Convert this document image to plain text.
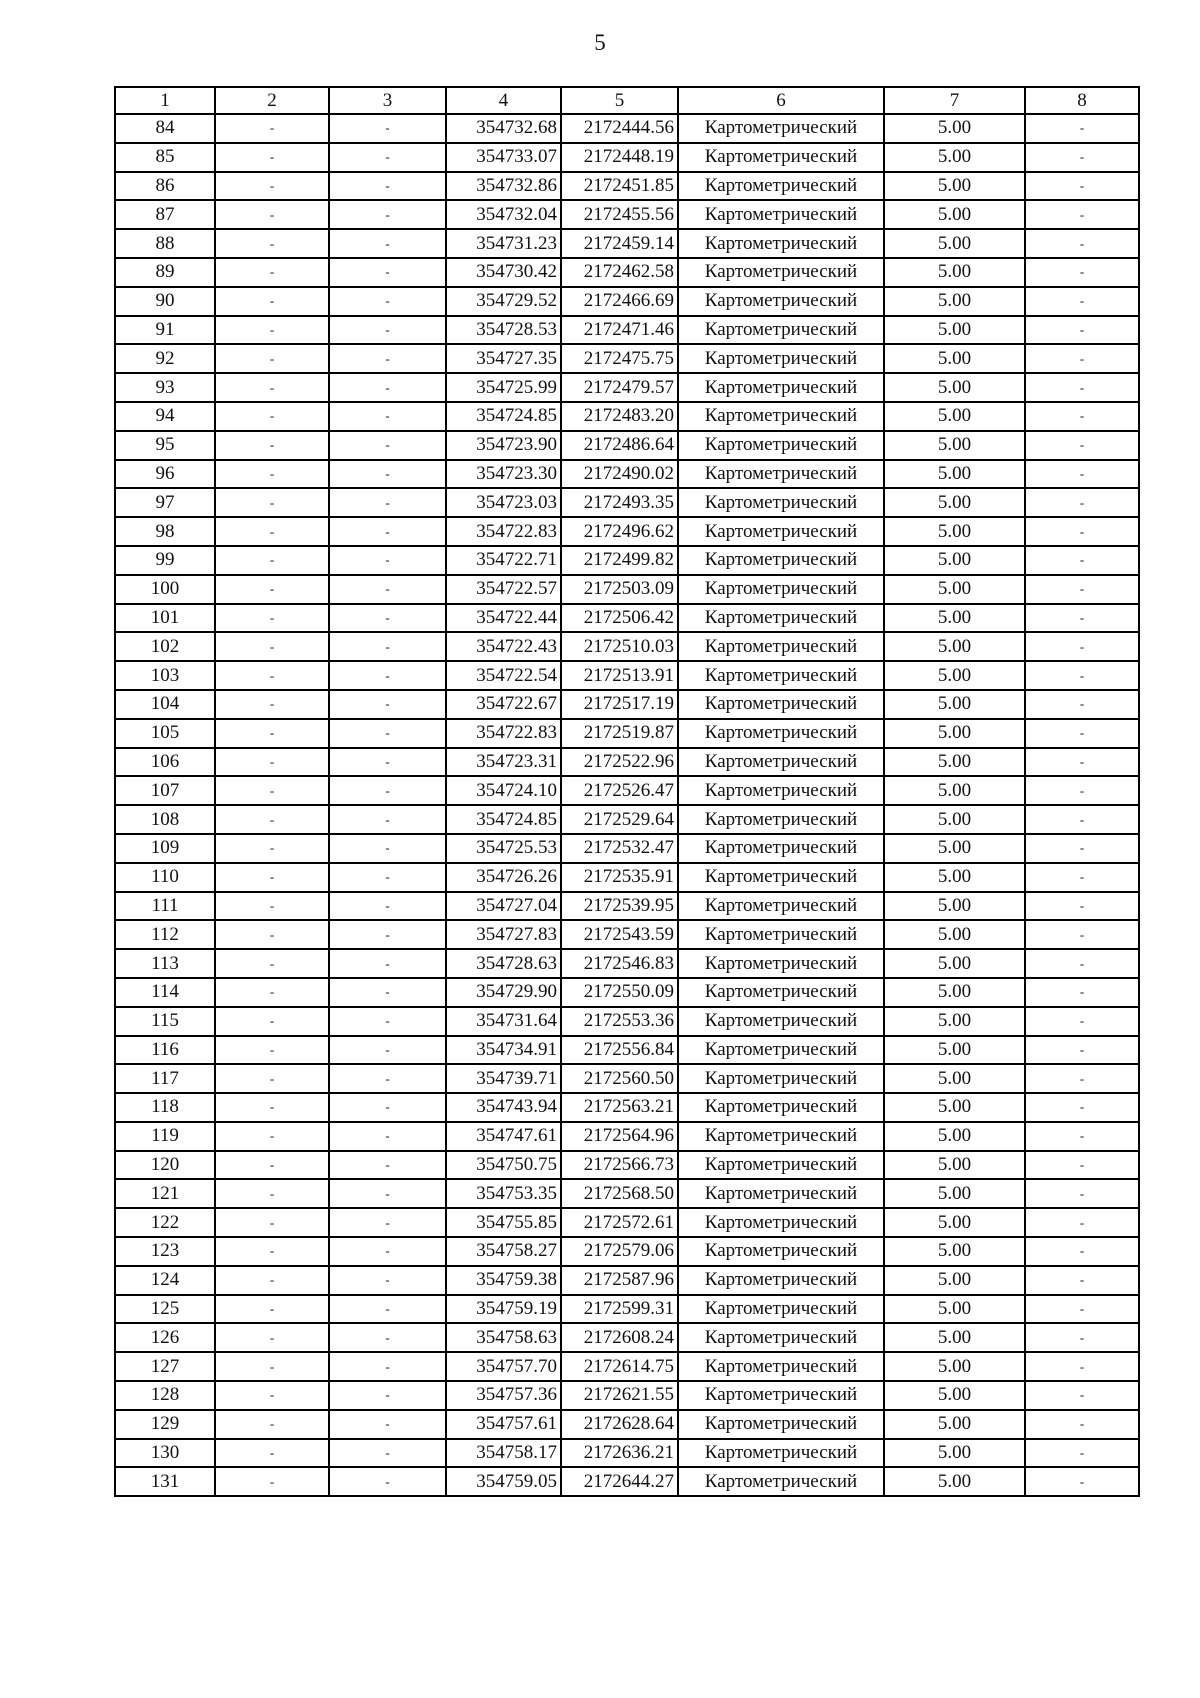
5
1	2	3	4	5	6	7	8
84	-	-	354732.68	2172444.56	Картометрический	5.00	-
85	-	-	354733.07	2172448.19	Картометрический	5.00	-
86	-	-	354732.86	2172451.85	Картометрический	5.00	-
87	-	-	354732.04	2172455.56	Картометрический	5.00	-
88	-	-	354731.23	2172459.14	Картометрический	5.00	-
89	-	-	354730.42	2172462.58	Картометрический	5.00	-
90	-	-	354729.52	2172466.69	Картометрический	5.00	-
91	-	-	354728.53	2172471.46	Картометрический	5.00	-
92	-	-	354727.35	2172475.75	Картометрический	5.00	-
93	-	-	354725.99	2172479.57	Картометрический	5.00	-
94	-	-	354724.85	2172483.20	Картометрический	5.00	-
95	-	-	354723.90	2172486.64	Картометрический	5.00	-
96	-	-	354723.30	2172490.02	Картометрический	5.00	-
97	-	-	354723.03	2172493.35	Картометрический	5.00	-
98	-	-	354722.83	2172496.62	Картометрический	5.00	-
99	-	-	354722.71	2172499.82	Картометрический	5.00	-
100	-	-	354722.57	2172503.09	Картометрический	5.00	-
101	-	-	354722.44	2172506.42	Картометрический	5.00	-
102	-	-	354722.43	2172510.03	Картометрический	5.00	-
103	-	-	354722.54	2172513.91	Картометрический	5.00	-
104	-	-	354722.67	2172517.19	Картометрический	5.00	-
105	-	-	354722.83	2172519.87	Картометрический	5.00	-
106	-	-	354723.31	2172522.96	Картометрический	5.00	-
107	-	-	354724.10	2172526.47	Картометрический	5.00	-
108	-	-	354724.85	2172529.64	Картометрический	5.00	-
109	-	-	354725.53	2172532.47	Картометрический	5.00	-
110	-	-	354726.26	2172535.91	Картометрический	5.00	-
111	-	-	354727.04	2172539.95	Картометрический	5.00	-
112	-	-	354727.83	2172543.59	Картометрический	5.00	-
113	-	-	354728.63	2172546.83	Картометрический	5.00	-
114	-	-	354729.90	2172550.09	Картометрический	5.00	-
115	-	-	354731.64	2172553.36	Картометрический	5.00	-
116	-	-	354734.91	2172556.84	Картометрический	5.00	-
117	-	-	354739.71	2172560.50	Картометрический	5.00	-
118	-	-	354743.94	2172563.21	Картометрический	5.00	-
119	-	-	354747.61	2172564.96	Картометрический	5.00	-
120	-	-	354750.75	2172566.73	Картометрический	5.00	-
121	-	-	354753.35	2172568.50	Картометрический	5.00	-
122	-	-	354755.85	2172572.61	Картометрический	5.00	-
123	-	-	354758.27	2172579.06	Картометрический	5.00	-
124	-	-	354759.38	2172587.96	Картометрический	5.00	-
125	-	-	354759.19	2172599.31	Картометрический	5.00	-
126	-	-	354758.63	2172608.24	Картометрический	5.00	-
127	-	-	354757.70	2172614.75	Картометрический	5.00	-
128	-	-	354757.36	2172621.55	Картометрический	5.00	-
129	-	-	354757.61	2172628.64	Картометрический	5.00	-
130	-	-	354758.17	2172636.21	Картометрический	5.00	-
131	-	-	354759.05	2172644.27	Картометрический	5.00	-
